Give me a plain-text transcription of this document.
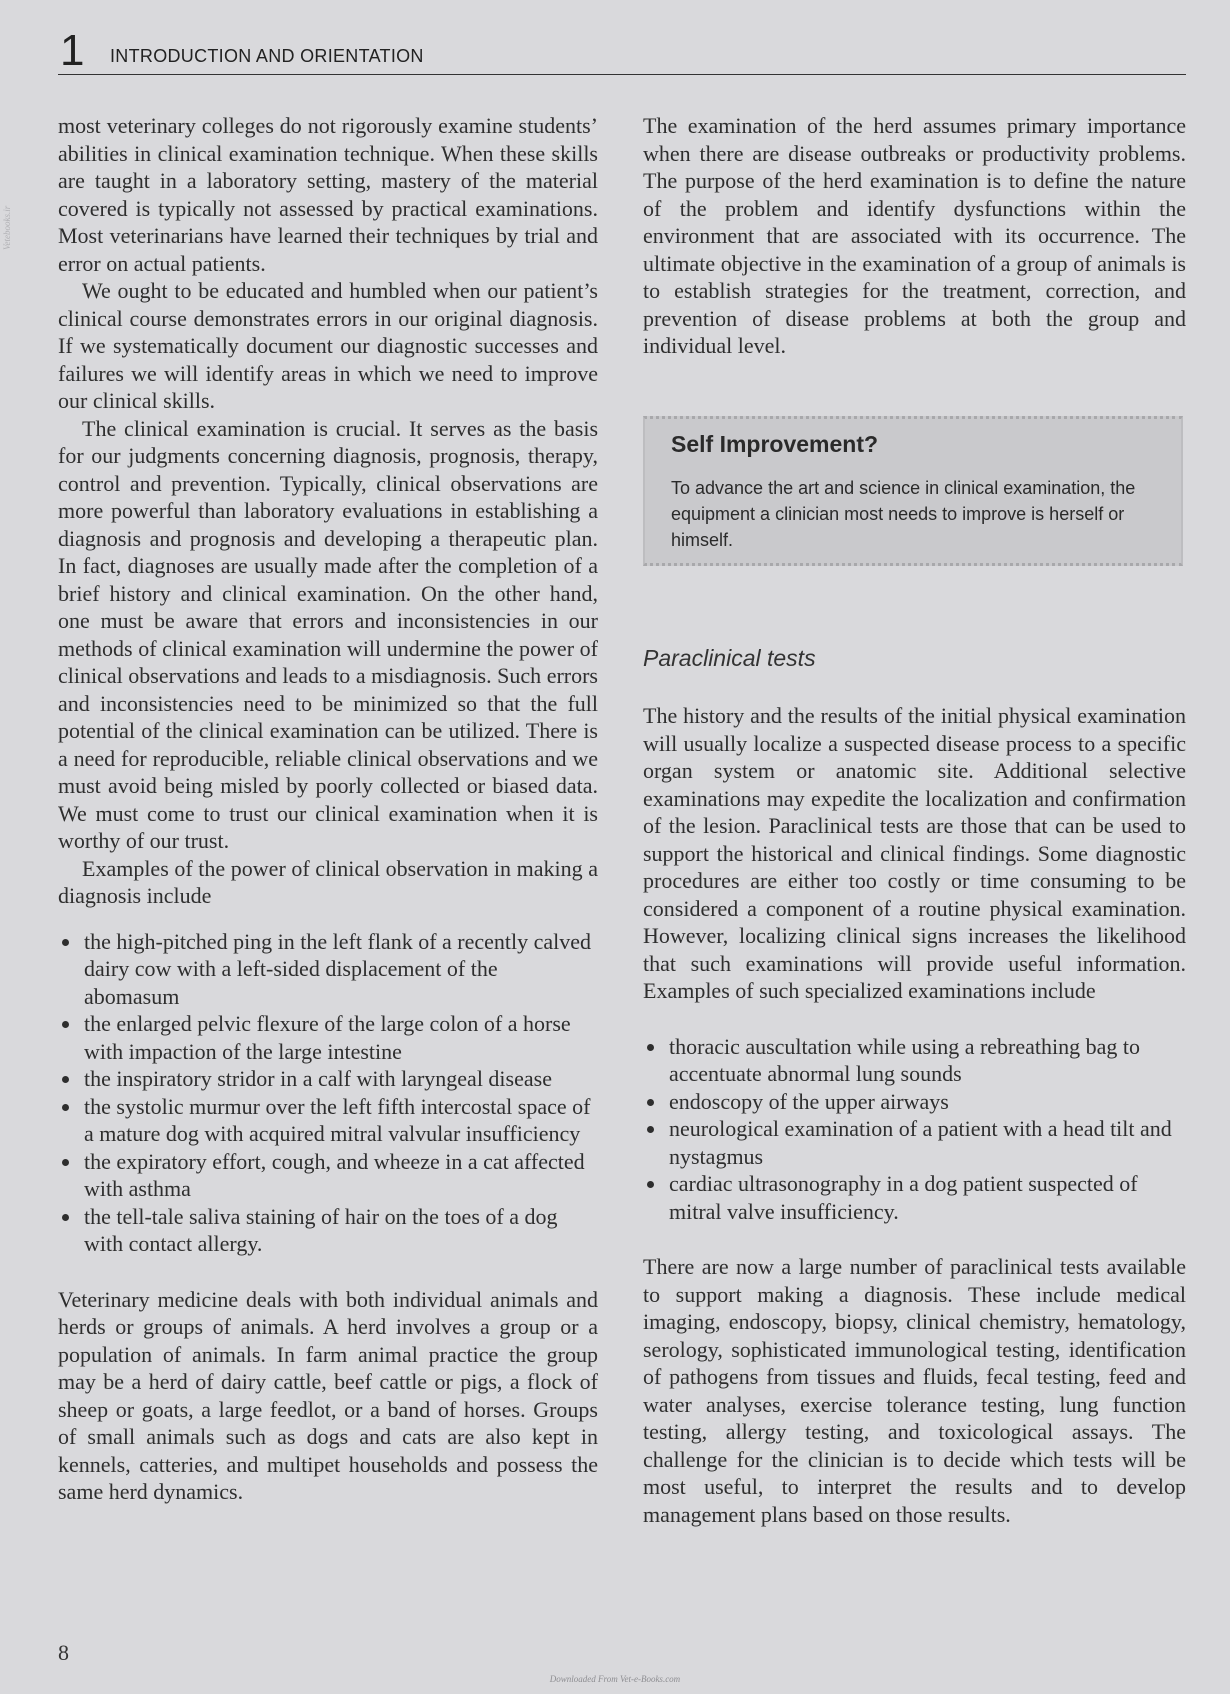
Vetebooks.ir
1 INTRODUCTION AND ORIENTATION

most veterinary colleges do not rigorously examine students’ abilities in clinical examination technique. When these skills are taught in a laboratory setting, mastery of the material covered is typically not assessed by practical examinations. Most veterinarians have learned their techniques by trial and error on actual patients.

We ought to be educated and humbled when our patient’s clinical course demonstrates errors in our original diagnosis. If we systematically document our diagnostic successes and failures we will identify areas in which we need to improve our clinical skills.

The clinical examination is crucial. It serves as the basis for our judgments concerning diagnosis, prognosis, therapy, control and prevention. Typically, clinical observations are more powerful than laboratory evaluations in establishing a diagnosis and prognosis and developing a therapeutic plan. In fact, diagnoses are usually made after the completion of a brief history and clinical examination. On the other hand, one must be aware that errors and inconsistencies in our methods of clinical examination will undermine the power of clinical observations and leads to a misdiagnosis. Such errors and inconsistencies need to be minimized so that the full potential of the clinical examination can be utilized. There is a need for reproducible, reliable clinical observations and we must avoid being misled by poorly collected or biased data. We must come to trust our clinical examination when it is worthy of our trust.

Examples of the power of clinical observation in making a diagnosis include

the high-pitched ping in the left flank of a recently calved dairy cow with a left-sided displacement of the abomasum
the enlarged pelvic flexure of the large colon of a horse with impaction of the large intestine
the inspiratory stridor in a calf with laryngeal disease
the systolic murmur over the left fifth intercostal space of a mature dog with acquired mitral valvular insufficiency
the expiratory effort, cough, and wheeze in a cat affected with asthma
the tell-tale saliva staining of hair on the toes of a dog with contact allergy.

Veterinary medicine deals with both individual animals and herds or groups of animals. A herd involves a group or a population of animals. In farm animal practice the group may be a herd of dairy cattle, beef cattle or pigs, a flock of sheep or goats, a large feedlot, or a band of horses. Groups of small animals such as dogs and cats are also kept in kennels, catteries, and multipet households and possess the same herd dynamics.

The examination of the herd assumes primary importance when there are disease outbreaks or productivity problems. The purpose of the herd examination is to define the nature of the problem and identify dysfunctions within the environment that are associated with its occurrence. The ultimate objective in the examination of a group of animals is to establish strategies for the treatment, correction, and prevention of disease problems at both the group and individual level.

Paraclinical tests

The history and the results of the initial physical examination will usually localize a suspected disease process to a specific organ system or anatomic site. Additional selective examinations may expedite the localization and confirmation of the lesion. Paraclinical tests are those that can be used to support the historical and clinical findings. Some diagnostic procedures are either too costly or time consuming to be considered a component of a routine physical examination. However, localizing clinical signs increases the likelihood that such examinations will provide useful information. Examples of such specialized examinations include

thoracic auscultation while using a rebreathing bag to accentuate abnormal lung sounds
endoscopy of the upper airways
neurological examination of a patient with a head tilt and nystagmus
cardiac ultrasonography in a dog patient suspected of mitral valve insufficiency.

There are now a large number of paraclinical tests available to support making a diagnosis. These include medical imaging, endoscopy, biopsy, clinical chemistry, hematology, serology, sophisticated immunological testing, identification of pathogens from tissues and fluids, fecal testing, feed and water analyses, exercise tolerance testing, lung function testing, allergy testing, and toxicological assays. The challenge for the clinician is to decide which tests will be most useful, to interpret the results and to develop management plans based on those results.

Self Improvement?
To advance the art and science in clinical examination, the equipment a clinician most needs to improve is herself or himself.
8
Downloaded From Vet-e-Books.com
